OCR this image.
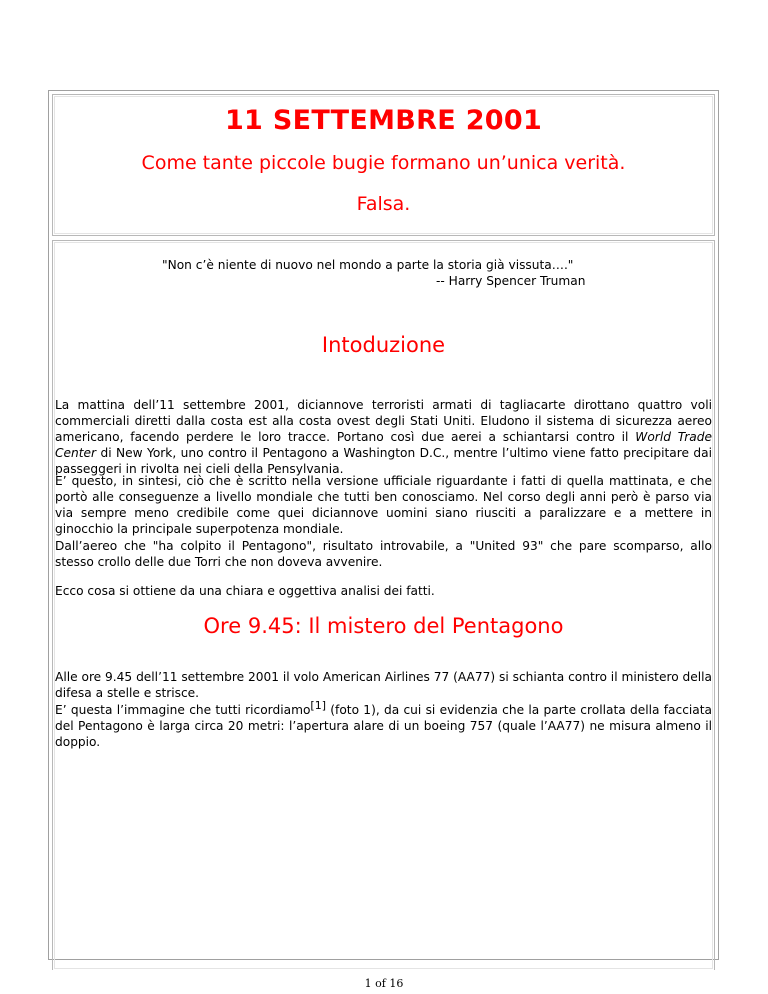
11 SETTEMBRE 2001
Come tante piccole bugie formano un’unica verità.
Falsa.
"Non c’è niente di nuovo nel mondo a parte la storia già vissuta…."
-- Harry Spencer Truman
Intoduzione
La mattina dell’11 settembre 2001, diciannove terroristi armati di tagliacarte dirottano quattro voli commerciali diretti dalla costa est alla costa ovest degli Stati Uniti. Eludono il sistema di sicurezza aereo americano, facendo perdere le loro tracce. Portano così due aerei a schiantarsi contro il World Trade Center di New York, uno contro il Pentagono a Washington D.C., mentre l’ultimo viene fatto precipitare dai passeggeri in rivolta nei cieli della Pensylvania.
E’ questo, in sintesi, ciò che è scritto nella versione ufficiale riguardante i fatti di quella mattinata, e che portò alle conseguenze a livello mondiale che tutti ben conosciamo. Nel corso degli anni però è parso via via sempre meno credibile come quei diciannove uomini siano riusciti a paralizzare e a mettere in ginocchio la principale superpotenza mondiale.
Dall’aereo che "ha colpito il Pentagono", risultato introvabile, a "United 93" che pare scomparso, allo stesso crollo delle due Torri che non doveva avvenire.
Ecco cosa si ottiene da una chiara e oggettiva analisi dei fatti.
Ore 9.45: Il mistero del Pentagono
Alle ore 9.45 dell’11 settembre 2001 il volo American Airlines 77 (AA77) si schianta contro il ministero della difesa a stelle e strisce.
E’ questa l’immagine che tutti ricordiamo[1] (foto 1), da cui si evidenzia che la parte crollata della facciata del Pentagono è larga circa 20 metri: l’apertura alare di un boeing 757 (quale l’AA77) ne misura almeno il doppio.
1 of 16
